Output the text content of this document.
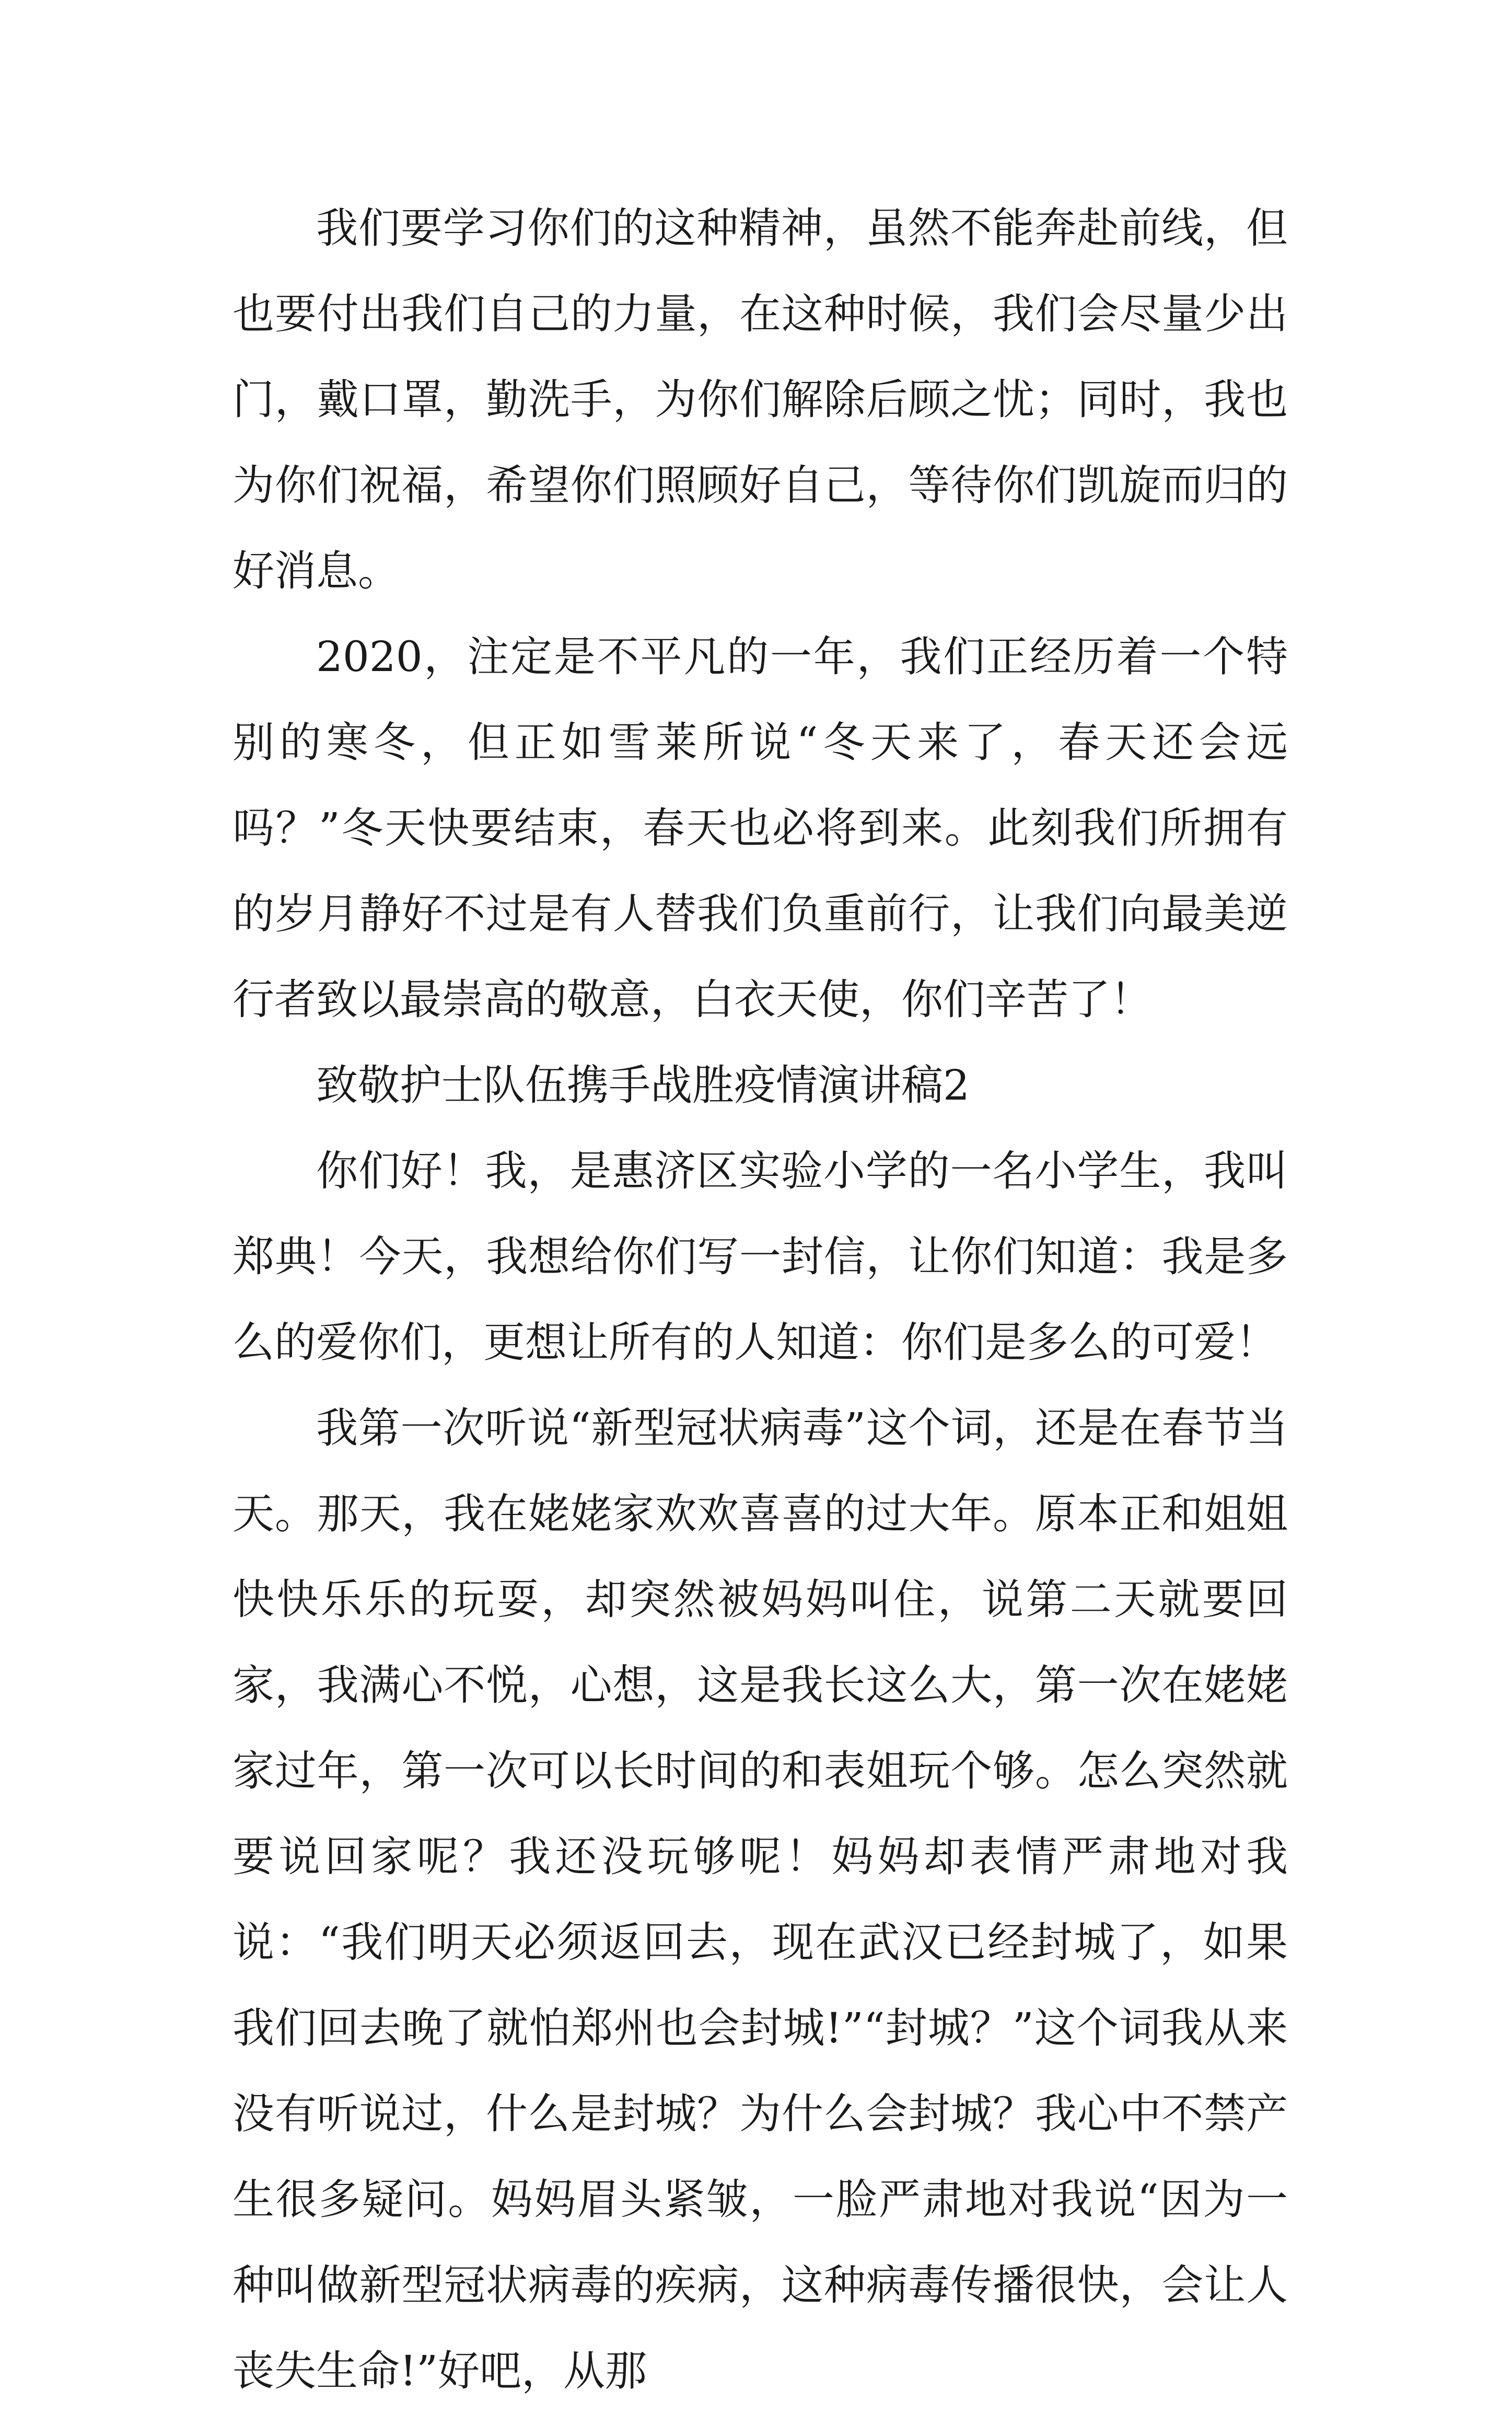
我们要学习你们的这种精神，虽然不能奔赴前线，但也要付出我们自己的力量，在这种时候，我们会尽量少出门，戴口罩，勤洗手，为你们解除后顾之忧；同时，我也为你们祝福，希望你们照顾好自己，等待你们凯旋而归的好消息。

2020，注定是不平凡的一年，我们正经历着一个特别的寒冬，但正如雪莱所说“冬天来了，春天还会远吗？”冬天快要结束，春天也必将到来。此刻我们所拥有的岁月静好不过是有人替我们负重前行，让我们向最美逆行者致以最崇高的敬意，白衣天使，你们辛苦了！

致敬护士队伍携手战胜疫情演讲稿2

你们好！我，是惠济区实验小学的一名小学生，我叫郑典！今天，我想给你们写一封信，让你们知道：我是多么的爱你们，更想让所有的人知道：你们是多么的可爱！

我第一次听说“新型冠状病毒”这个词，还是在春节当天。那天，我在姥姥家欢欢喜喜的过大年。原本正和姐姐快快乐乐的玩耍，却突然被妈妈叫住，说第二天就要回家，我满心不悦，心想，这是我长这么大，第一次在姥姥家过年，第一次可以长时间的和表姐玩个够。怎么突然就要说回家呢？我还没玩够呢！妈妈却表情严肃地对我说：“我们明天必须返回去，现在武汉已经封城了，如果我们回去晚了就怕郑州也会封城!”“封城？”这个词我从来没有听说过，什么是封城？为什么会封城？我心中不禁产生很多疑问。妈妈眉头紧皱，一脸严肃地对我说“因为一种叫做新型冠状病毒的疾病，这种病毒传播很快，会让人丧失生命!”好吧，从那
